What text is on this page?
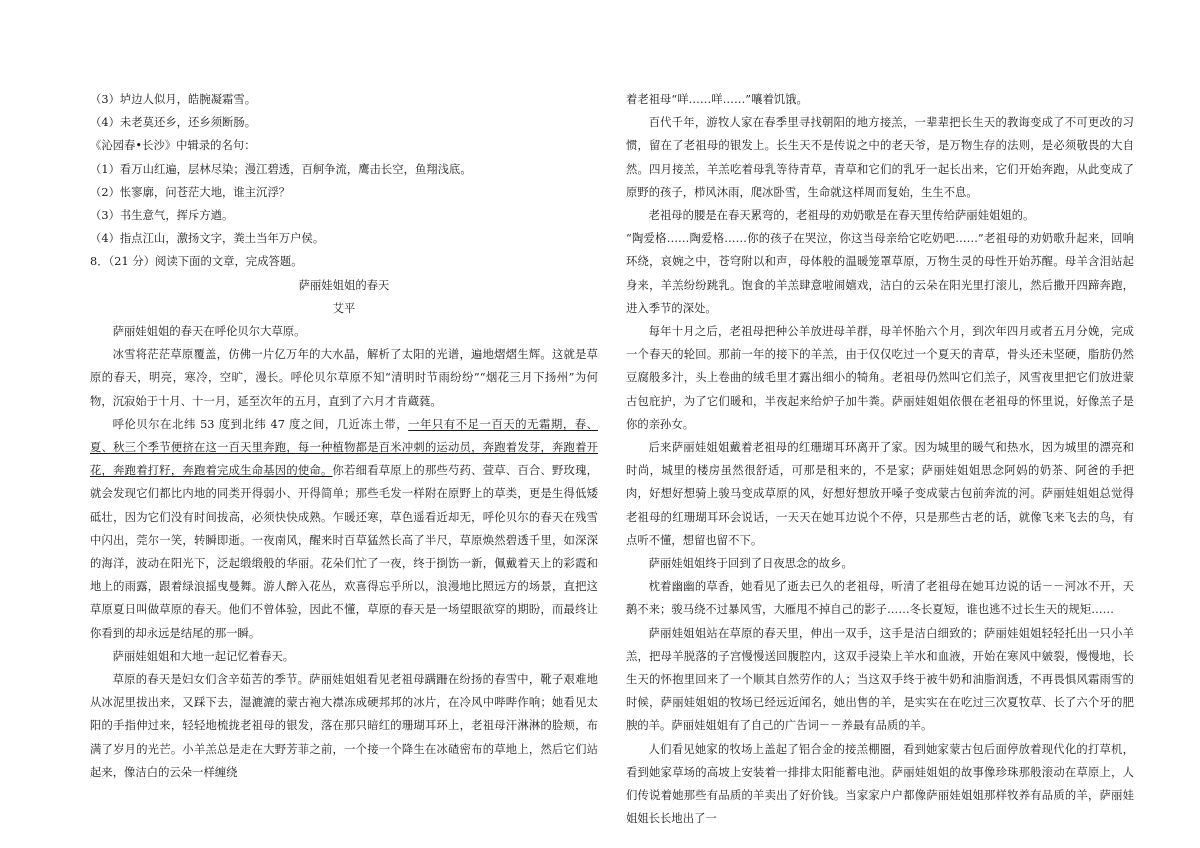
（3）垆边人似月，皓腕凝霜雪。

（4）未老莫还乡，还乡须断肠。

《沁园春•长沙》中辑录的名句：

（1）看万山红遍，层林尽染；漫江碧透，百舸争流，鹰击长空，鱼翔浅底。

（2）怅寥廓，问苍茫大地，谁主沉浮？

（3）书生意气，挥斥方遒。

（4）指点江山，激扬文字，粪土当年万户侯。

8．（21 分）阅读下面的文章，完成答题。

萨丽娃姐姐的春天

艾平

萨丽娃姐姐的春天在呼伦贝尔大草原。

冰雪将茫茫草原覆盖，仿佛一片亿万年的大水晶，解析了太阳的光谱，遍地熠熠生辉。这就是草原的春天，明亮，寒冷，空旷，漫长。呼伦贝尔草原不知“清明时节雨纷纷”“烟花三月下扬州”为何物，沉寂始于十月、十一月，延至次年的五月，直到了六月才肯蔵蕤。

呼伦贝尔在北纬 53 度到北纬 47 度之间，几近冻土带，一年只有不足一百天的无霜期，春、夏、秋三个季节便挤在这一百天里奔跑，每一种植物都是百米冲刺的运动员，奔跑着发芽，奔跑着开花，奔跑着打籽，奔跑着完成生命基因的使命。你若细看草原上的那些芍药、萱草、百合、野玫瑰，就会发现它们都比内地的同类开得弱小、开得简单；那些毛发一样附在原野上的草类，更是生得低矮砥壮，因为它们没有时间拔高，必须快快成熟。乍暖还寒，草色遥看近却无，呼伦贝尔的春天在残雪中闪出，莞尔一笑，转瞬即逝。一夜南风，醒来时百草猛然长高了半尺，草原焕然碧透千里，如深深的海洋，波动在阳光下，泛起缎缎般的华丽。花朵们忙了一夜，终于捯饬一新，佩戴着天上的彩霞和地上的雨露，跟着绿浪摇曳曼舞。游人醉入花丛，欢喜得忘乎所以，浪漫地比照远方的场景，直把这草原夏日叫做草原的春天。他们不曾体验，因此不懂，草原的春天是一场望眼欲穿的期盼，而最终让你看到的却永远是结尾的那一瞬。

萨丽娃姐姐和大地一起记忆着春天。

草原的春天是妇女们含辛茹苦的季节。萨丽娃姐姐看见老祖母蹒跚在纷扬的春雪中，靴子艰难地从冰泥里拔出来，又踩下去，湿漉漉的蒙古袍大襟冻成硬邦邦的冰片，在冷风中哔哔作响；她看见太阳的手指伸过来，轻轻地梳拢老祖母的银发，落在那只暗红的珊瑚耳环上，老祖母汗淋淋的脸颊，布满了岁月的光芒。小羊羔总是走在大野芳菲之前，一个接一个降生在冰碴密布的草地上，然后它们站起来，像洁白的云朵一样缠绕

着老祖母“咩……咩……”嚷着饥饿。

百代千年，游牧人家在春季里寻找朝阳的地方接羔，一辈辈把长生天的教诲变成了不可更改的习惯，留在了老祖母的银发上。长生天不是传说之中的老天爷，是万物生存的法则，是必须敬畏的大自然。四月接羔，羊羔吃着母乳等待青草，青草和它们的乳牙一起长出来，它们开始奔跑，从此变成了原野的孩子，栉风沐雨，爬冰卧雪，生命就这样周而复始，生生不息。

老祖母的腰是在春天累弯的，老祖母的劝奶歌是在春天里传给萨丽娃姐姐的。

“陶爱格……陶爱格……你的孩子在哭泣，你这当母亲给它吃奶吧……”老祖母的劝奶歌升起来，回响环绕，哀婉之中，苍穹附以和声，母体般的温暖笼罩草原，万物生灵的母性开始苏醒。母羊含泪站起身来，羊羔纷纷跳乳。饱食的羊羔肆意啦闹嬉戏，洁白的云朵在阳光里打滚儿，然后撒开四蹄奔跑，进入季节的深处。

每年十月之后，老祖母把种公羊放进母羊群，母羊怀胎六个月，到次年四月或者五月分娩，完成一个春天的轮回。那前一年的接下的羊羔，由于仅仅吃过一个夏天的青草，骨头还未坚硬，脂肪仍然豆腐般多汁，头上卷曲的绒毛里才露出细小的犄角。老祖母仍然叫它们羔子，风雪夜里把它们放进蒙古包庇护，为了它们暖和，半夜起来给炉子加牛粪。萨丽娃姐姐依偎在老祖母的怀里说，好像羔子是你的亲孙女。

后来萨丽娃姐姐戴着老祖母的红珊瑚耳环离开了家。因为城里的暖气和热水，因为城里的漂亮和时尚，城里的楼房虽然很舒适，可那是租来的，不是家；萨丽娃姐姐思念阿妈的奶茶、阿爸的手把肉，好想好想骑上骏马变成草原的风，好想好想放开嗓子变成蒙古包前奔流的河。萨丽娃姐姐总觉得老祖母的红珊瑚耳环会说话，一天天在她耳边说个不停，只是那些古老的话，就像飞来飞去的鸟，有点听不懂，想留也留不下。

萨丽娃姐姐终于回到了日夜思念的故乡。

枕着幽幽的草香，她看见了逝去已久的老祖母，听清了老祖母在她耳边说的话－－河冰不开，天鹅不来；骏马绕不过暴风雪，大雁甩不掉自己的影子……冬长夏短，谁也逃不过长生天的规矩……

萨丽娃姐姐站在草原的春天里，伸出一双手，这手是洁白细致的；萨丽娃姐姐轻轻托出一只小羊羔，把母羊脱落的子宫慢慢送回腹腔内，这双手浸染上羊水和血液，开始在寒风中皴裂，慢慢地，长生天的怀抱里回来了一个顺其自然劳作的人；当这双手终于被牛奶和油脂润透，不再畏惧风霜雨雪的时候，萨丽娃姐姐的牧场已经远近闻名，她出售的羊，是实实在在吃过三次夏牧草、长了六个牙的肥腴的羊。萨丽娃姐姐有了自己的广告词－－养最有品质的羊。

人们看见她家的牧场上盖起了铝合金的接羔棚圈，看到她家蒙古包后面停放着现代化的打草机，看到她家草场的高坡上安装着一排排太阳能蓄电池。萨丽娃姐姐的故事像珍珠那般滚动在草原上，人们传说着她那些有品质的羊卖出了好价钱。当家家户户都像萨丽娃姐姐那样牧养有品质的羊，萨丽娃姐姐长长地出了一
